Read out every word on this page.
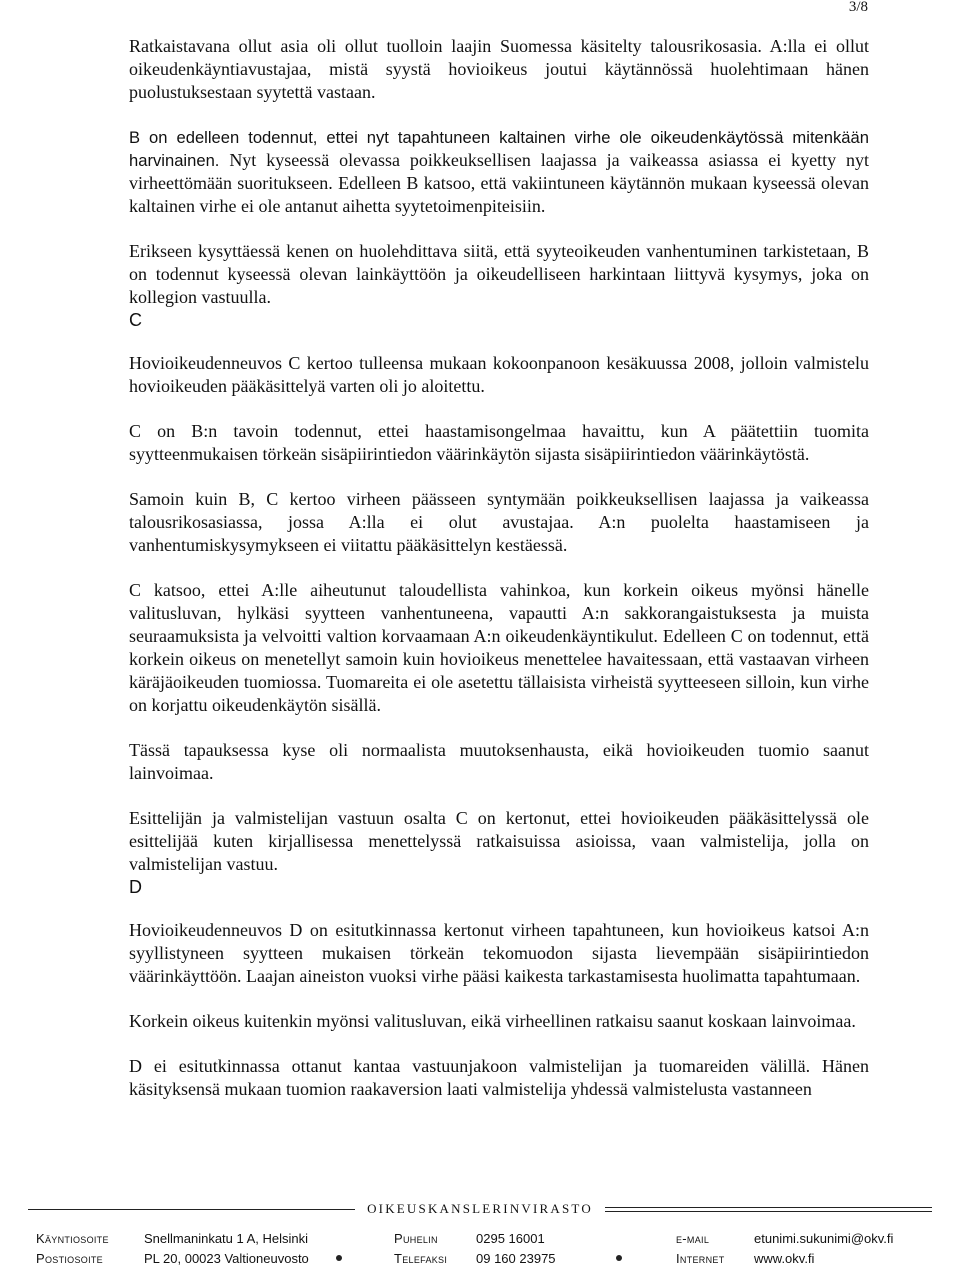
3/8

Ratkaistavana ollut asia oli ollut tuolloin laajin Suomessa käsitelty talousrikosasia. A:lla ei ollut oikeudenkäyntiavustajaa, mistä syystä hovioikeus joutui käytännössä huolehtimaan hänen puolustuksestaan syytettä vastaan.

B on edelleen todennut, ettei nyt tapahtuneen kaltainen virhe ole oikeudenkäytössä mitenkään harvinainen. Nyt kyseessä olevassa poikkeuksellisen laajassa ja vaikeassa asiassa ei kyetty nyt virheettömään suoritukseen. Edelleen B katsoo, että vakiintuneen käytännön mukaan kyseessä olevan kaltainen virhe ei ole antanut aihetta syytetoimenpiteisiin.

Erikseen kysyttäessä kenen on huolehdittava siitä, että syyteoikeuden vanhentuminen tarkistetaan, B on todennut kyseessä olevan lainkäyttöön ja oikeudelliseen harkintaan liittyvä kysymys, joka on kollegion vastuulla.

C

Hovioikeudenneuvos C kertoo tulleensa mukaan kokoonpanoon kesäkuussa 2008, jolloin valmistelu hovioikeuden pääkäsittelyä varten oli jo aloitettu.

C on B:n tavoin todennut, ettei haastamisongelmaa havaittu, kun A päätettiin tuomita syytteenmukaisen törkeän sisäpiirintiedon väärinkäytön sijasta sisäpiirintiedon väärinkäytöstä.

Samoin kuin B, C kertoo virheen päässeen syntymään poikkeuksellisen laajassa ja vaikeassa talousrikosasiassa, jossa A:lla ei olut avustajaa. A:n puolelta haastamiseen ja vanhentumiskysymykseen ei viitattu pääkäsittelyn kestäessä.

C katsoo, ettei A:lle aiheutunut taloudellista vahinkoa, kun korkein oikeus myönsi hänelle valitusluvan, hylkäsi syytteen vanhentuneena, vapautti A:n sakkorangaistuksesta ja muista seuraamuksista ja velvoitti valtion korvaamaan A:n oikeudenkäyntikulut. Edelleen C on todennut, että korkein oikeus on menetellyt samoin kuin hovioikeus menettelee havaitessaan, että vastaavan virheen käräjäoikeuden tuomiossa. Tuomareita ei ole asetettu tällaisista virheistä syytteeseen silloin, kun virhe on korjattu oikeudenkäytön sisällä.

Tässä tapauksessa kyse oli normaalista muutoksenhausta, eikä hovioikeuden tuomio saanut lainvoimaa.

Esittelijän ja valmistelijan vastuun osalta C on kertonut, ettei hovioikeuden pääkäsittelyssä ole esittelijää kuten kirjallisessa menettelyssä ratkaisuissa asioissa, vaan valmistelija, jolla on valmistelijan vastuu.

D

Hovioikeudenneuvos D on esitutkinnassa kertonut virheen tapahtuneen, kun hovioikeus katsoi A:n syyllistyneen syytteen mukaisen törkeän tekomuodon sijasta lievempään sisäpiirintiedon väärinkäyttöön. Laajan aineiston vuoksi virhe pääsi kaikesta tarkastamisesta huolimatta tapahtumaan.

Korkein oikeus kuitenkin myönsi valitusluvan, eikä virheellinen ratkaisu saanut koskaan lainvoimaa.

D ei esitutkinnassa ottanut kantaa vastuunjakoon valmistelijan ja tuomareiden välillä. Hänen käsityksensä mukaan tuomion raakaversion laati valmistelija yhdessä valmistelusta vastanneen

OIKEUSKANSLERINVIRASTO
Käyntiosoite	Snellmaninkatu 1 A, Helsinki
Postiosoite	PL 20, 00023 Valtioneuvosto
Puhelin	0295 16001
Telefaksi 09 160 23975
e-mail	etunimi.sukunimi@okv.fi
Internet www.okv.fi
